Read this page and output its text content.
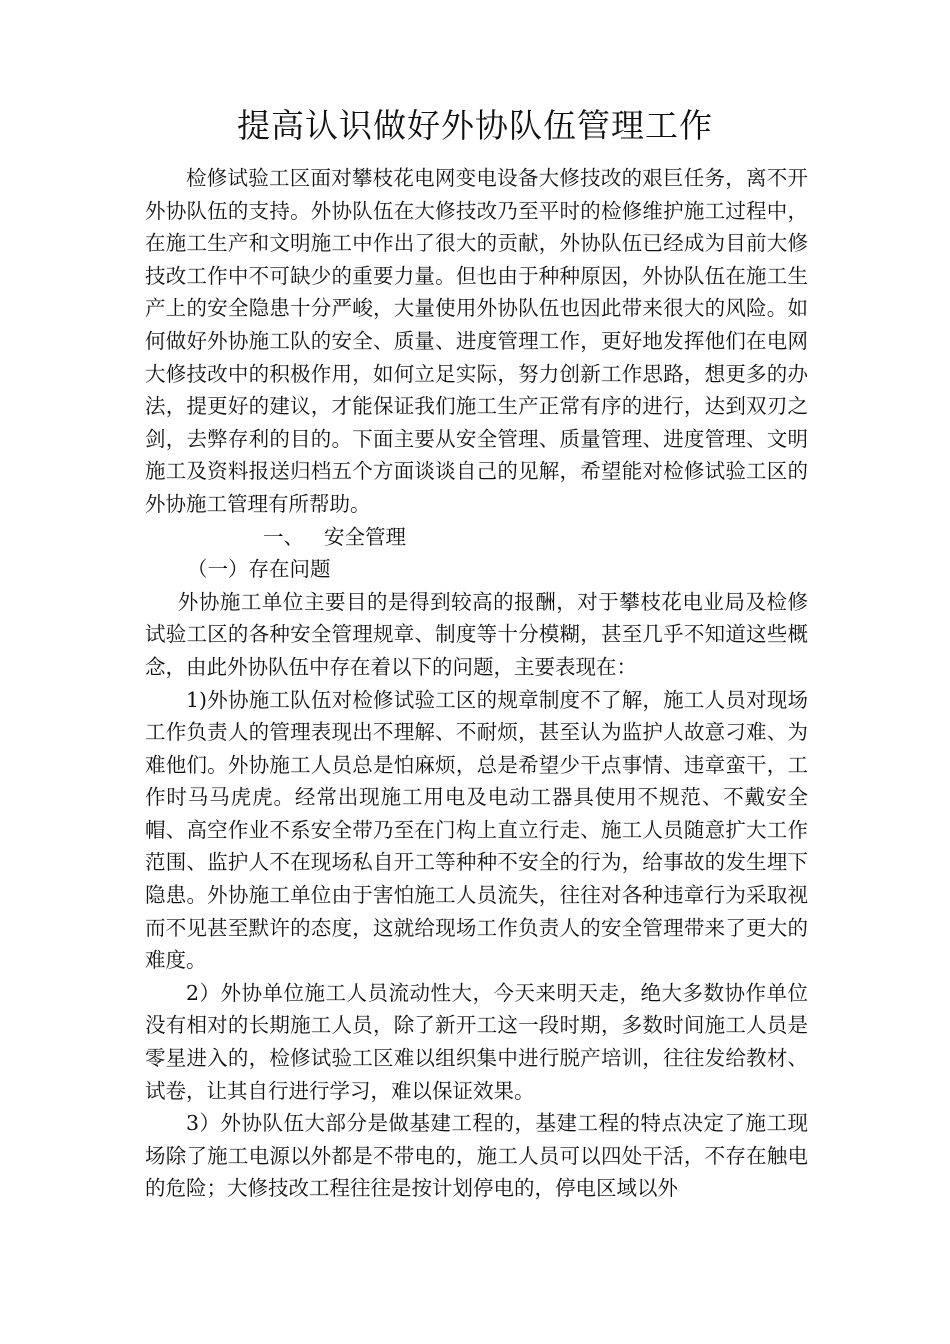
提高认识做好外协队伍管理工作

检修试验工区面对攀枝花电网变电设备大修技改的艰巨任务，离不开外协队伍的支持。外协队伍在大修技改乃至平时的检修维护施工过程中，在施工生产和文明施工中作出了很大的贡献，外协队伍已经成为目前大修技改工作中不可缺少的重要力量。但也由于种种原因，外协队伍在施工生产上的安全隐患十分严峻，大量使用外协队伍也因此带来很大的风险。如何做好外协施工队的安全、质量、进度管理工作，更好地发挥他们在电网大修技改中的积极作用，如何立足实际，努力创新工作思路，想更多的办法，提更好的建议，才能保证我们施工生产正常有序的进行，达到双刃之剑，去弊存利的目的。下面主要从安全管理、质量管理、进度管理、文明施工及资料报送归档五个方面谈谈自己的见解，希望能对检修试验工区的外协施工管理有所帮助。

一、 安全管理

（一）存在问题

外协施工单位主要目的是得到较高的报酬，对于攀枝花电业局及检修试验工区的各种安全管理规章、制度等十分模糊，甚至几乎不知道这些概念，由此外协队伍中存在着以下的问题，主要表现在：

1)外协施工队伍对检修试验工区的规章制度不了解，施工人员对现场工作负责人的管理表现出不理解、不耐烦，甚至认为监护人故意刁难、为难他们。外协施工人员总是怕麻烦，总是希望少干点事情、违章蛮干，工作时马马虎虎。经常出现施工用电及电动工器具使用不规范、不戴安全帽、高空作业不系安全带乃至在门构上直立行走、施工人员随意扩大工作范围、监护人不在现场私自开工等种种不安全的行为，给事故的发生埋下隐患。外协施工单位由于害怕施工人员流失，往往对各种违章行为采取视而不见甚至默许的态度，这就给现场工作负责人的安全管理带来了更大的难度。

2）外协单位施工人员流动性大，今天来明天走，绝大多数协作单位没有相对的长期施工人员，除了新开工这一段时期，多数时间施工人员是零星进入的，检修试验工区难以组织集中进行脱产培训，往往发给教材、试卷，让其自行进行学习，难以保证效果。

3）外协队伍大部分是做基建工程的，基建工程的特点决定了施工现场除了施工电源以外都是不带电的，施工人员可以四处干活，不存在触电的危险；大修技改工程往往是按计划停电的，停电区域以外
